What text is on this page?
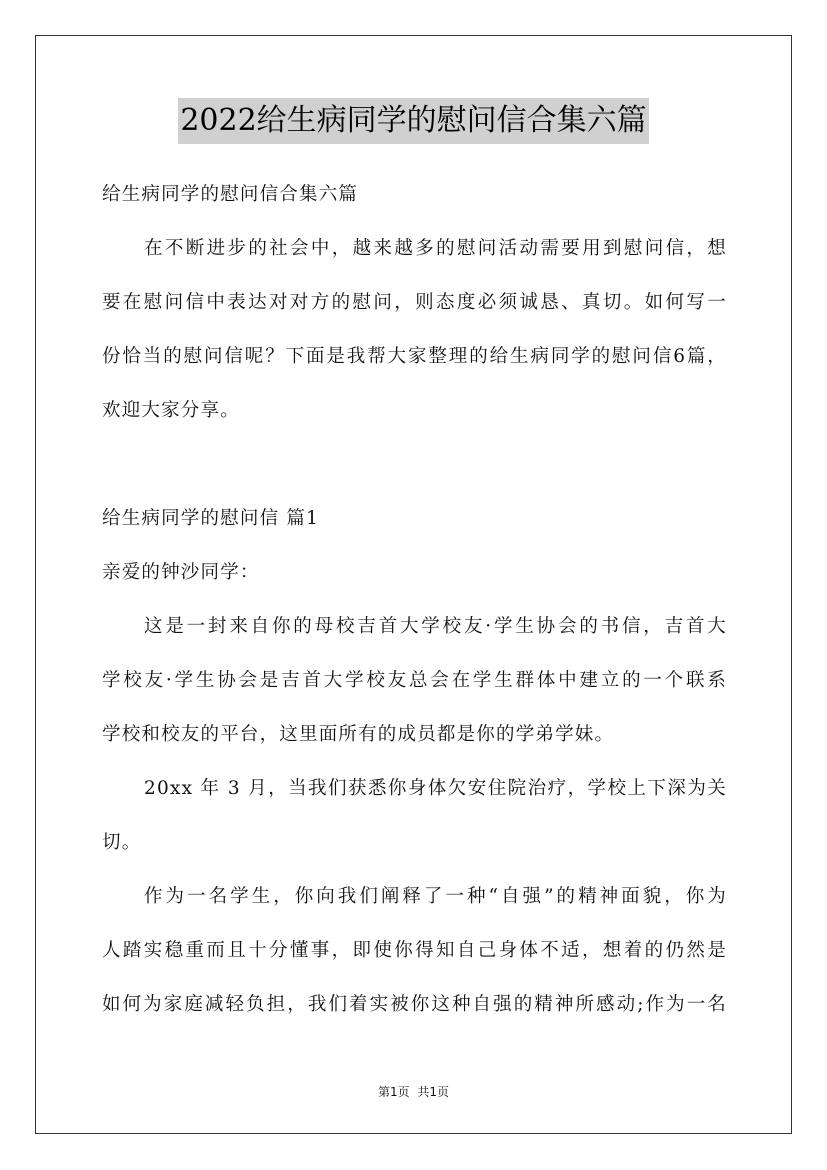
2022给生病同学的慰问信合集六篇
给生病同学的慰问信合集六篇
在不断进步的社会中，越来越多的慰问活动需要用到慰问信，想
要在慰问信中表达对对方的慰问，则态度必须诚恳、真切。如何写一
份恰当的慰问信呢？下面是我帮大家整理的给生病同学的慰问信6篇，
欢迎大家分享。
给生病同学的慰问信 篇1
亲爱的钟沙同学：
这是一封来自你的母校吉首大学校友·学生协会的书信，吉首大
学校友·学生协会是吉首大学校友总会在学生群体中建立的一个联系
学校和校友的平台，这里面所有的成员都是你的学弟学妹。
20xx 年 3 月，当我们获悉你身体欠安住院治疗，学校上下深为关
切。
作为一名学生，你向我们阐释了一种“自强”的精神面貌，你为
人踏实稳重而且十分懂事，即使你得知自己身体不适，想着的仍然是
如何为家庭减轻负担，我们着实被你这种自强的精神所感动;作为一名
第1页 共1页
